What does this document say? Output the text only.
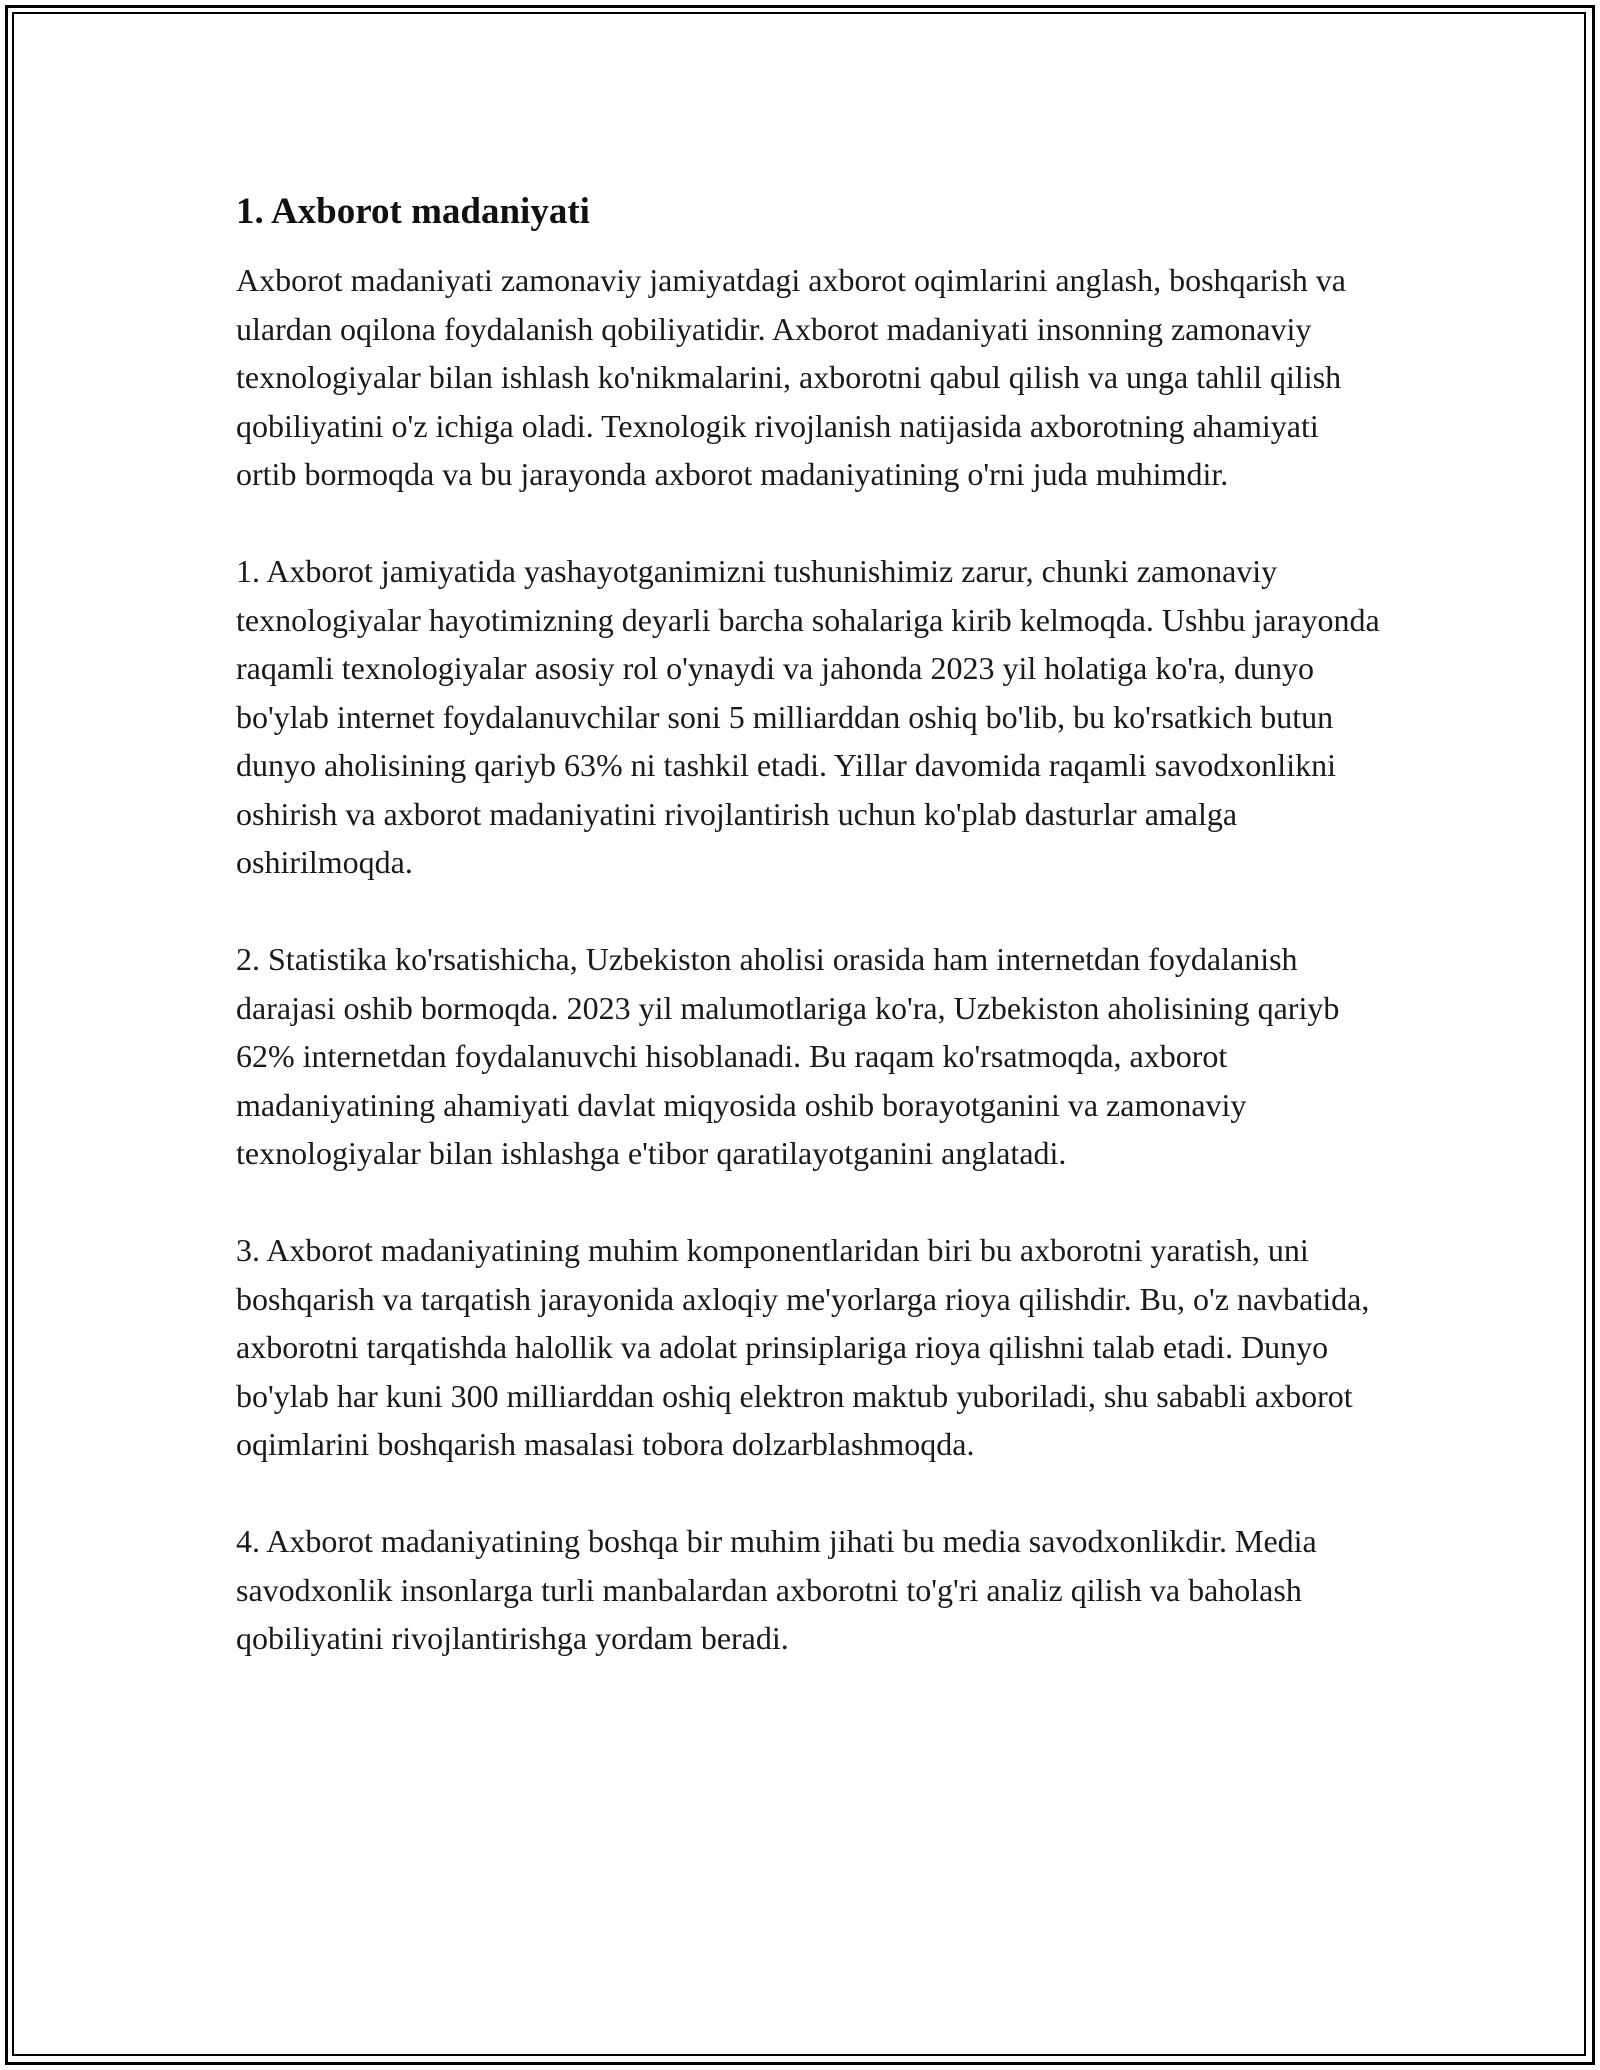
1. Axborot madaniyati

Axborot madaniyati zamonaviy jamiyatdagi axborot oqimlarini anglash, boshqarish va ulardan oqilona foydalanish qobiliyatidir. Axborot madaniyati insonning zamonaviy texnologiyalar bilan ishlash ko'nikmalarini, axborotni qabul qilish va unga tahlil qilish qobiliyatini o'z ichiga oladi. Texnologik rivojlanish natijasida axborotning ahamiyati ortib bormoqda va bu jarayonda axborot madaniyatining o'rni juda muhimdir.

1. Axborot jamiyatida yashayotganimizni tushunishimiz zarur, chunki zamonaviy texnologiyalar hayotimizning deyarli barcha sohalariga kirib kelmoqda. Ushbu jarayonda raqamli texnologiyalar asosiy rol o'ynaydi va jahonda 2023 yil holatiga ko'ra, dunyo bo'ylab internet foydalanuvchilar soni 5 milliarddan oshiq bo'lib, bu ko'rsatkich butun dunyo aholisining qariyb 63% ni tashkil etadi. Yillar davomida raqamli savodxonlikni oshirish va axborot madaniyatini rivojlantirish uchun ko'plab dasturlar amalga oshirilmoqda.

2. Statistika ko'rsatishicha, Uzbekiston aholisi orasida ham internetdan foydalanish darajasi oshib bormoqda. 2023 yil malumotlariga ko'ra, Uzbekiston aholisining qariyb 62% internetdan foydalanuvchi hisoblanadi. Bu raqam ko'rsatmoqda, axborot madaniyatining ahamiyati davlat miqyosida oshib borayotganini va zamonaviy texnologiyalar bilan ishlashga e'tibor qaratilayotganini anglatadi.

3. Axborot madaniyatining muhim komponentlaridan biri bu axborotni yaratish, uni boshqarish va tarqatish jarayonida axloqiy me'yorlarga rioya qilishdir. Bu, o'z navbatida, axborotni tarqatishda halollik va adolat prinsiplariga rioya qilishni talab etadi. Dunyo bo'ylab har kuni 300 milliarddan oshiq elektron maktub yuboriladi, shu sababli axborot oqimlarini boshqarish masalasi tobora dolzarblashmoqda.

4. Axborot madaniyatining boshqa bir muhim jihati bu media savodxonlikdir. Media savodxonlik insonlarga turli manbalardan axborotni to'g'ri analiz qilish va baholash qobiliyatini rivojlantirishga yordam beradi.
